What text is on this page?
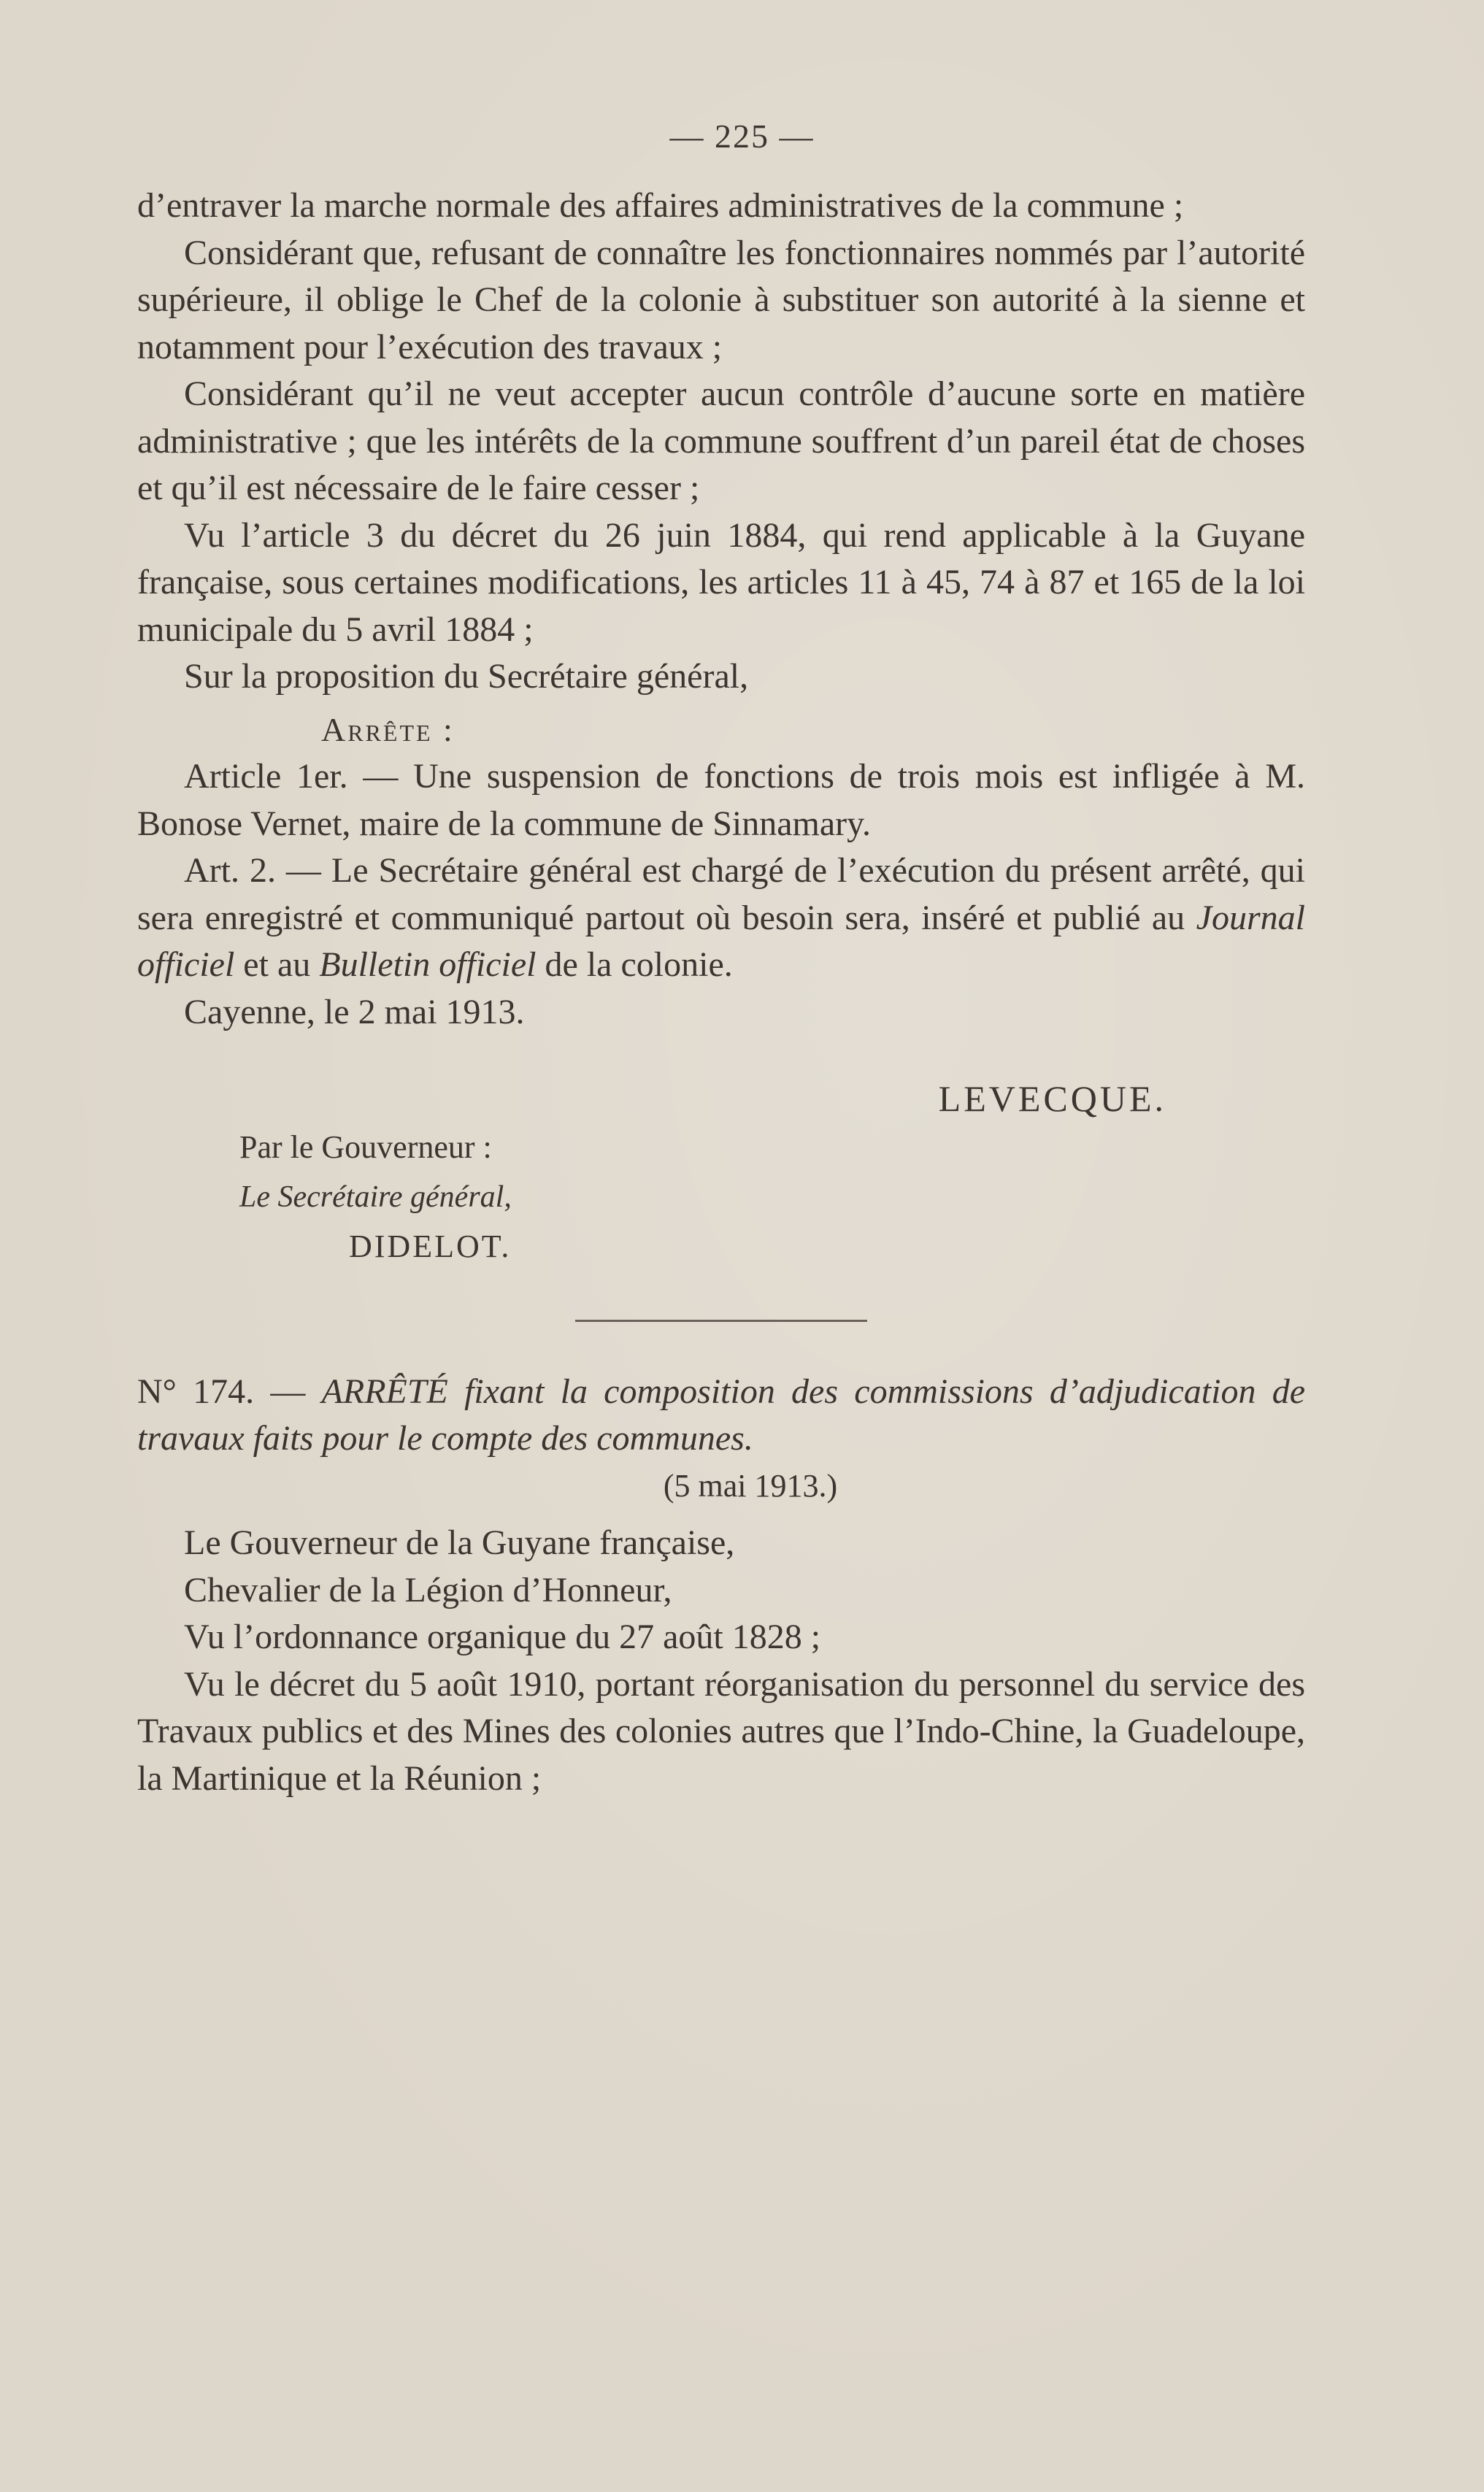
— 225 —

d’entraver la marche normale des affaires administratives de la commune ;

Considérant que, refusant de connaître les fonctionnaires nommés par l’autorité supérieure, il oblige le Chef de la colonie à substituer son autorité à la sienne et notamment pour l’exécution des travaux ;

Considérant qu’il ne veut accepter aucun contrôle d’aucune sorte en matière administrative ; que les intérêts de la commune souffrent d’un pareil état de choses et qu’il est nécessaire de le faire cesser ;

Vu l’article 3 du décret du 26 juin 1884, qui rend applicable à la Guyane française, sous certaines modifications, les articles 11 à 45, 74 à 87 et 165 de la loi municipale du 5 avril 1884 ;

Sur la proposition du Secrétaire général,

Arrête :

Article 1er. — Une suspension de fonctions de trois mois est infligée à M. Bonose Vernet, maire de la commune de Sinnamary.

Art. 2. — Le Secrétaire général est chargé de l’exécution du présent arrêté, qui sera enregistré et communiqué partout où besoin sera, inséré et publié au Journal officiel et au Bulletin officiel de la colonie.

Cayenne, le 2 mai 1913.

LEVECQUE.
Par le Gouverneur :
Le Secrétaire général,
DIDELOT.

N° 174. — ARRÊTÉ fixant la composition des commissions d’adjudication de travaux faits pour le compte des communes.

(5 mai 1913.)

Le Gouverneur de la Guyane française,

Chevalier de la Légion d’Honneur,

Vu l’ordonnance organique du 27 août 1828 ;

Vu le décret du 5 août 1910, portant réorganisation du personnel du service des Travaux publics et des Mines des colonies autres que l’Indo-Chine, la Guadeloupe, la Martinique et la Réunion ;
